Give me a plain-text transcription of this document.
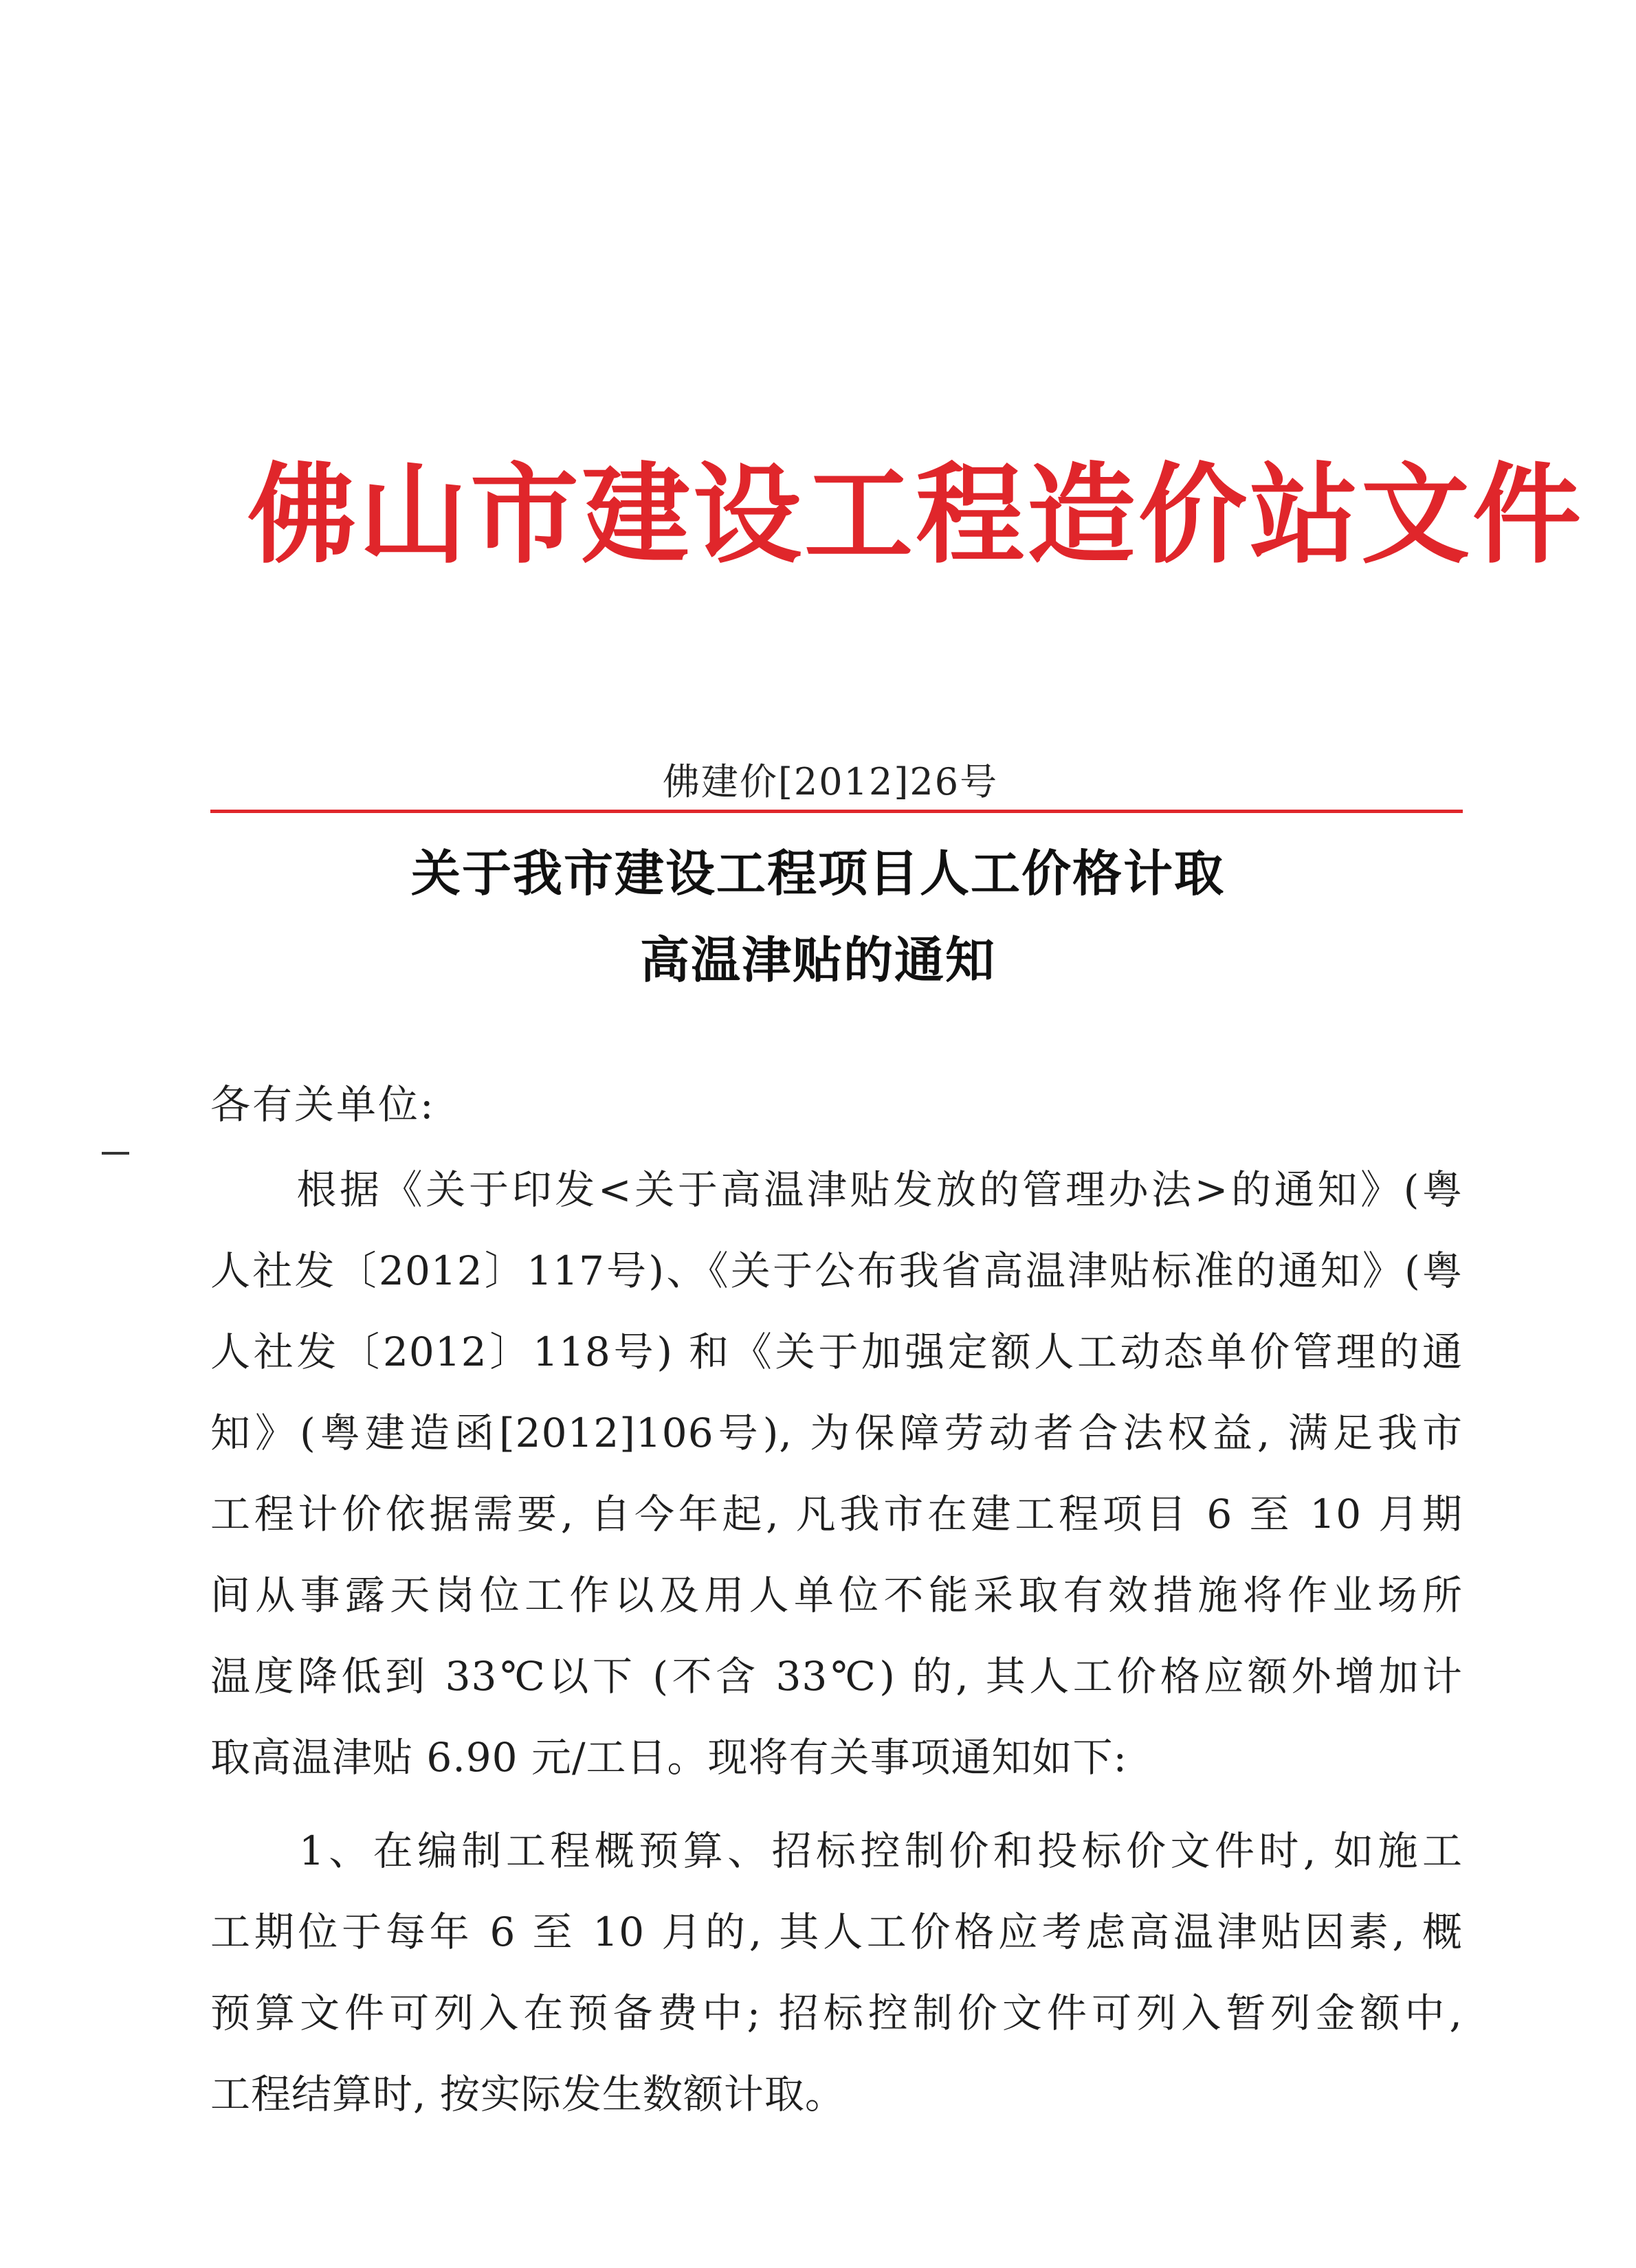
佛山市建设工程造价站文件
佛建价[2012]26号
关于我市建设工程项目人工价格计取
高温津贴的通知
各有关单位:
　　根据《关于印发<关于高温津贴发放的管理办法>的通知》(粤
人社发〔2012〕117号)、《关于公布我省高温津贴标准的通知》(粤
人社发〔2012〕118号) 和《关于加强定额人工动态单价管理的通
知》(粤建造函[2012]106号), 为保障劳动者合法权益, 满足我市
工程计价依据需要, 自今年起, 凡我市在建工程项目 6 至 10 月期
间从事露天岗位工作以及用人单位不能采取有效措施将作业场所
温度降低到 33℃以下 (不含 33℃) 的, 其人工价格应额外增加计
取高温津贴 6.90 元/工日。现将有关事项通知如下:
　　1、在编制工程概预算、招标控制价和投标价文件时, 如施工
工期位于每年 6 至 10 月的, 其人工价格应考虑高温津贴因素, 概
预算文件可列入在预备费中; 招标控制价文件可列入暂列金额中,
工程结算时, 按实际发生数额计取。
